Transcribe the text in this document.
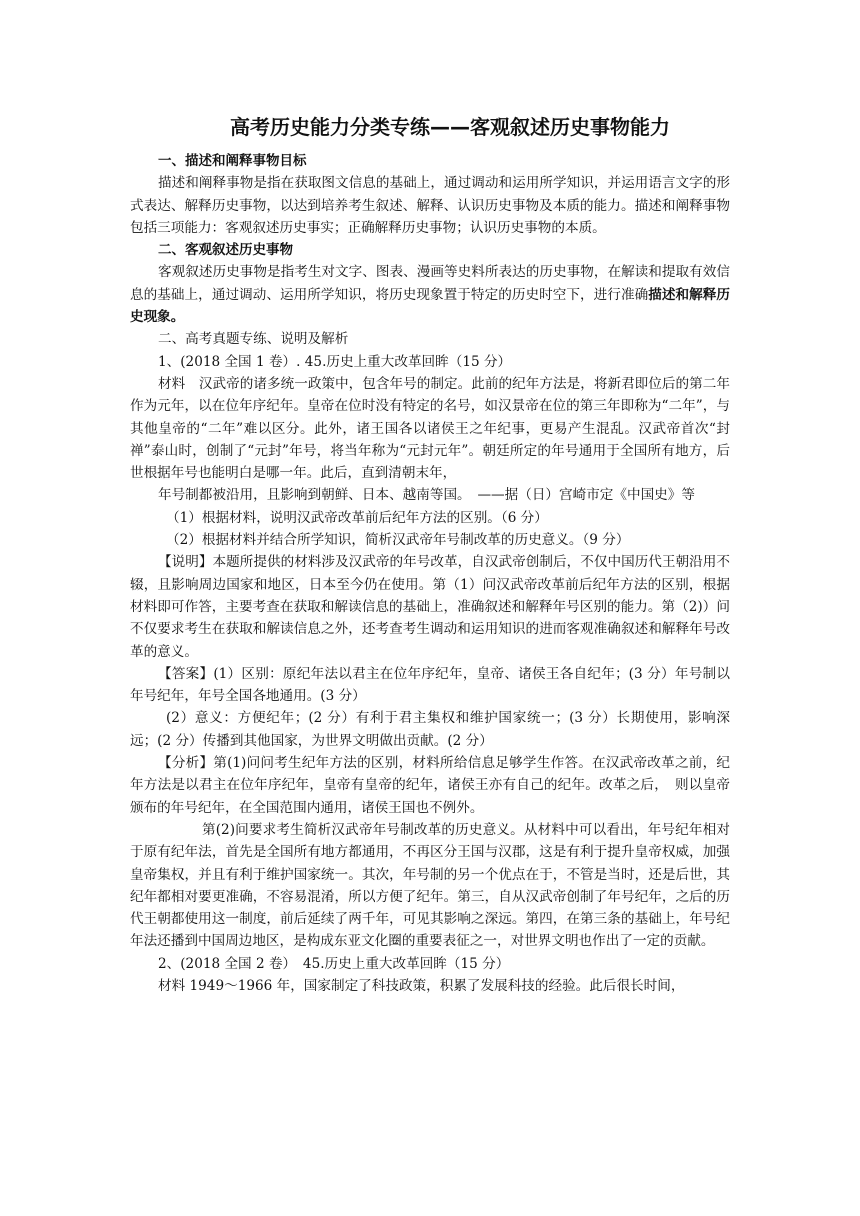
高考历史能力分类专练——客观叙述历史事物能力

一、描述和阐释事物目标

描述和阐释事物是指在获取图文信息的基础上，通过调动和运用所学知识，并运用语言文字的形式表达、解释历史事物，以达到培养考生叙述、解释、认识历史事物及本质的能力。描述和阐释事物包括三项能力：客观叙述历史事实；正确解释历史事物；认识历史事物的本质。

二、客观叙述历史事物

客观叙述历史事物是指考生对文字、图表、漫画等史料所表达的历史事物，在解读和提取有效信息的基础上，通过调动、运用所学知识，将历史现象置于特定的历史时空下，进行准确描述和解释历史现象。

二、高考真题专练、说明及解析

1、(2018 全国 1 卷）. 45.历史上重大改革回眸（15 分）

材料　汉武帝的诸多统一政策中，包含年号的制定。此前的纪年方法是，将新君即位后的第二年作为元年，以在位年序纪年。皇帝在位时没有特定的名号，如汉景帝在位的第三年即称为“二年”，与其他皇帝的“二年”难以区分。此外，诸王国各以诸侯王之年纪事，更易产生混乱。汉武帝首次“封禅”泰山时，创制了“元封”年号，将当年称为“元封元年”。朝廷所定的年号通用于全国所有地方，后世根据年号也能明白是哪一年。此后，直到清朝末年，

年号制都被沿用，且影响到朝鲜、日本、越南等国。　——据（日）宫崎市定《中国史》等

（1）根据材料，说明汉武帝改革前后纪年方法的区别。（6 分）

（2）根据材料并结合所学知识，简析汉武帝年号制改革的历史意义。（9 分）

【说明】本题所提供的材料涉及汉武帝的年号改革，自汉武帝创制后，不仅中国历代王朝沿用不辍，且影响周边国家和地区，日本至今仍在使用。第（1）问汉武帝改革前后纪年方法的区别，根据材料即可作答，主要考查在获取和解读信息的基础上，准确叙述和解释年号区别的能力。第（2)）问不仅要求考生在获取和解读信息之外，还考查考生调动和运用知识的进而客观准确叙述和解释年号改革的意义。

【答案】(1）区别：原纪年法以君主在位年序纪年，皇帝、诸侯王各自纪年；(3 分）年号制以年号纪年，年号全国各地通用。(3 分）

(2）意义：方便纪年；(2 分）有利于君主集权和维护国家统一；(3 分）长期使用，影响深远；(2 分）传播到其他国家，为世界文明做出贡献。(2 分）

【分析】第(1)问问考生纪年方法的区别，材料所给信息足够学生作答。在汉武帝改革之前，纪年方法是以君主在位年序纪年，皇帝有皇帝的纪年，诸侯王亦有自己的纪年。改革之后，　则以皇帝颁布的年号纪年，在全国范围内通用，诸侯王国也不例外。

第(2)问要求考生简析汉武帝年号制改革的历史意义。从材料中可以看出，年号纪年相对于原有纪年法，首先是全国所有地方都通用，不再区分王国与汉郡，这是有利于提升皇帝权威，加强皇帝集权，并且有利于维护国家统一。其次，年号制的另一个优点在于，不管是当时，还是后世，其纪年都相对要更准确，不容易混淆，所以方便了纪年。第三，自从汉武帝创制了年号纪年，之后的历代王朝都使用这一制度，前后延续了两千年，可见其影响之深远。第四，在第三条的基础上，年号纪年法还播到中国周边地区，是构成东亚文化圈的重要表征之一，对世界文明也作出了一定的贡献。

2、(2018 全国 2 卷）　45.历史上重大改革回眸（15 分）

材料 1949～1966 年，国家制定了科技政策，积累了发展科技的经验。此后很长时间，
